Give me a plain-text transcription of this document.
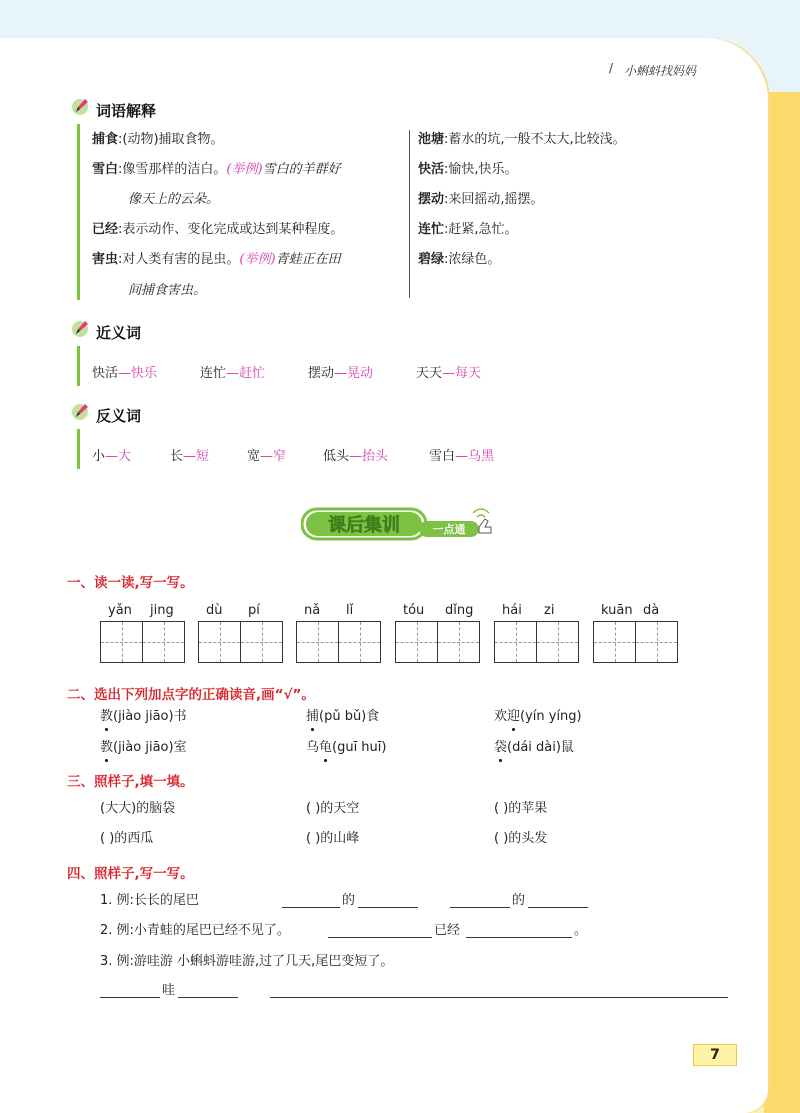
/ 小蝌蚪找妈妈
词语解释
捕食:(动物)捕取食物。
雪白:像雪那样的洁白。(举例)雪白的羊群好
像天上的云朵。
已经:表示动作、变化完成或达到某种程度。
害虫:对人类有害的昆虫。(举例)青蛙正在田
间捕食害虫。
池塘:蓄水的坑,一般不太大,比较浅。
快活:愉快,快乐。
摆动:来回摇动,摇摆。
连忙:赶紧,急忙。
碧绿:浓绿色。
近义词
快活—快乐	连忙—赶忙	摆动—晃动	天天—每天
反义词
小—大	长—短	宽—窄	低头—抬头	雪白—乌黑
课后集训	一点通
一、读一读,写一写。
yǎn jing dù pí	nǎ lǐ	tóu dǐng hái zi	kuān dà
二、选出下列加点字的正确读音,画“√”。
教(jiào jiāo)书	捕(pǔ bǔ)食	欢迎(yín yíng)
教(jiào jiāo)室	乌龟(guī huī)	袋(dái dài)鼠
三、照样子,填一填。
(大大)的脑袋	( )的天空	( )的苹果
( )的西瓜	( )的山峰	( )的头发
四、照样子,写一写。
1. 例:长长的尾巴	的	的
2. 例:小青蛙的尾巴已经不见了。	已经	。
3. 例:游哇游 小蝌蚪游哇游,过了几天,尾巴变短了。
哇
7
